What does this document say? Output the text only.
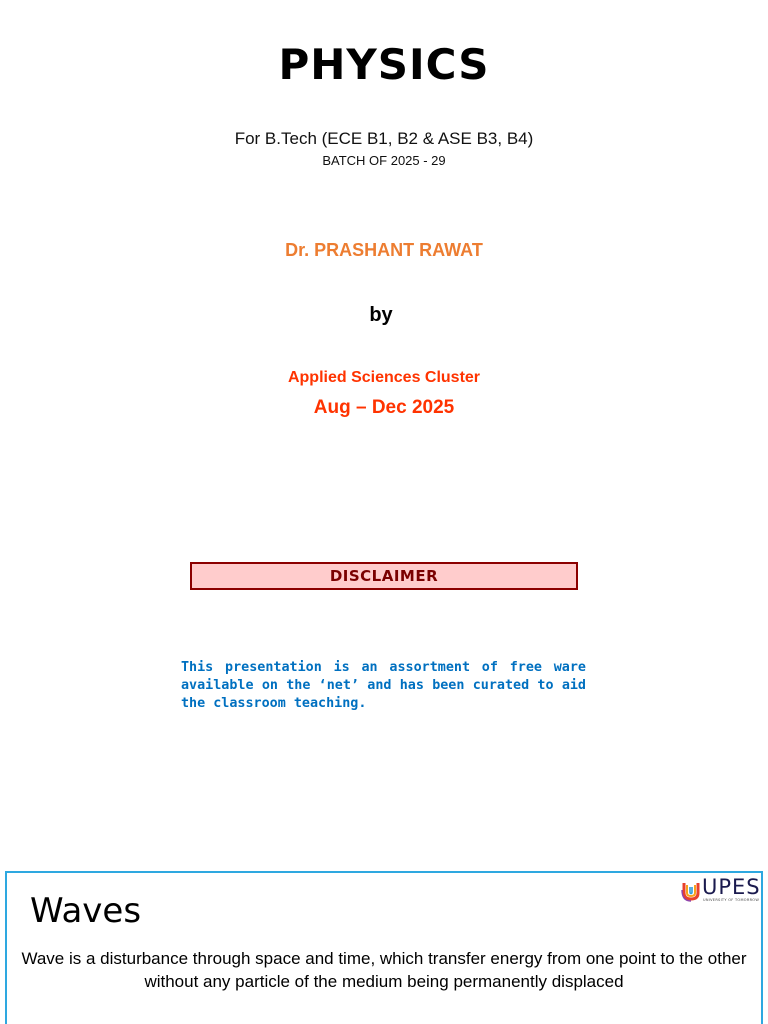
PHYSICS
For B.Tech (ECE B1, B2 & ASE B3, B4)
BATCH OF 2025 - 29
Dr. PRASHANT RAWAT
by
Applied Sciences Cluster
Aug – Dec 2025
DISCLAIMER
This presentation is an assortment of free ware available on the ‘net’ and has been curated to aid the classroom teaching.
Waves
UPES
UNIVERSITY OF TOMORROW
Wave is a disturbance through space and time, which transfer energy from one point to the other without any particle of the medium being permanently displaced
